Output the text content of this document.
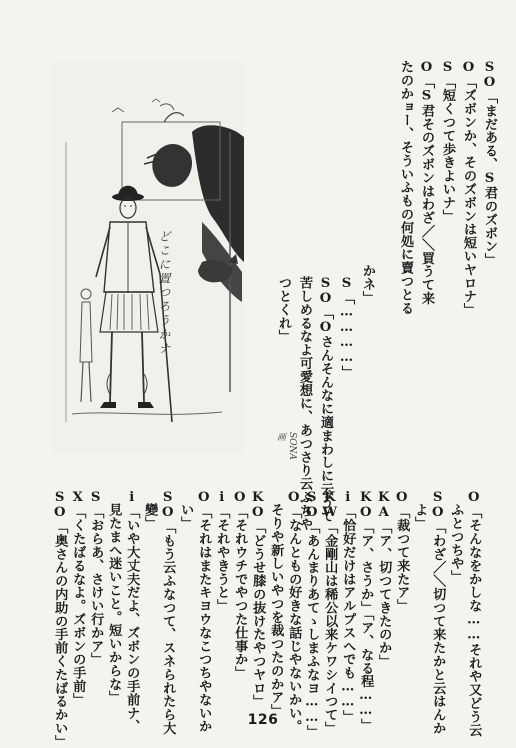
どこに置つろうかナ
SONA画
SO「まだある、S君のズボン」
O「ズボンか、そのズボンは短いヤロナ」
S「短くつて歩きよいナ」
O「S君そのズボンはわざ／＼買うて来
たのかョー、そういふもの何処に賣つとる
かネ」
S「…………」
SO「Oさんそんなに適まわしに云うて
苦しめるなよ可愛想に、あつさり云ふちや
つとくれ」
O「そんなをかしな……それや又どう云
ふとつちや」
SO「わざ／＼切つて来たかと云はんか
よ」
O「裁つて来たア」
KA「ア、切つてきたのか」
KO「ア、さうか」「ア、なる程……」
i「恰好だけはアルプスへでも……」
KW「金剛山は稀公以来ケワシイつて」
SO「あんまりあてゝしまふなヨ……」
O「なんともの好きな話じやないかい。
そりや新しいやつを裁つたのかア」
KO「どうせ膝の抜けたやつヤロ」
O「それウチでやつた仕事か」
i「それやきうと」
O「それはまたキヨウなこつちやないか
い」
SO「もう云ふなつて、スネられたら大
變」
i「いや大丈夫だよ、ズボンの手前ナ、
見たまへ迷いこと。短いからな」
S「おらあ、さけい行かア」
X「くたばるなよ。ズボンの手前」
SO「奥さんの内助の手前くたばるかい」	126
